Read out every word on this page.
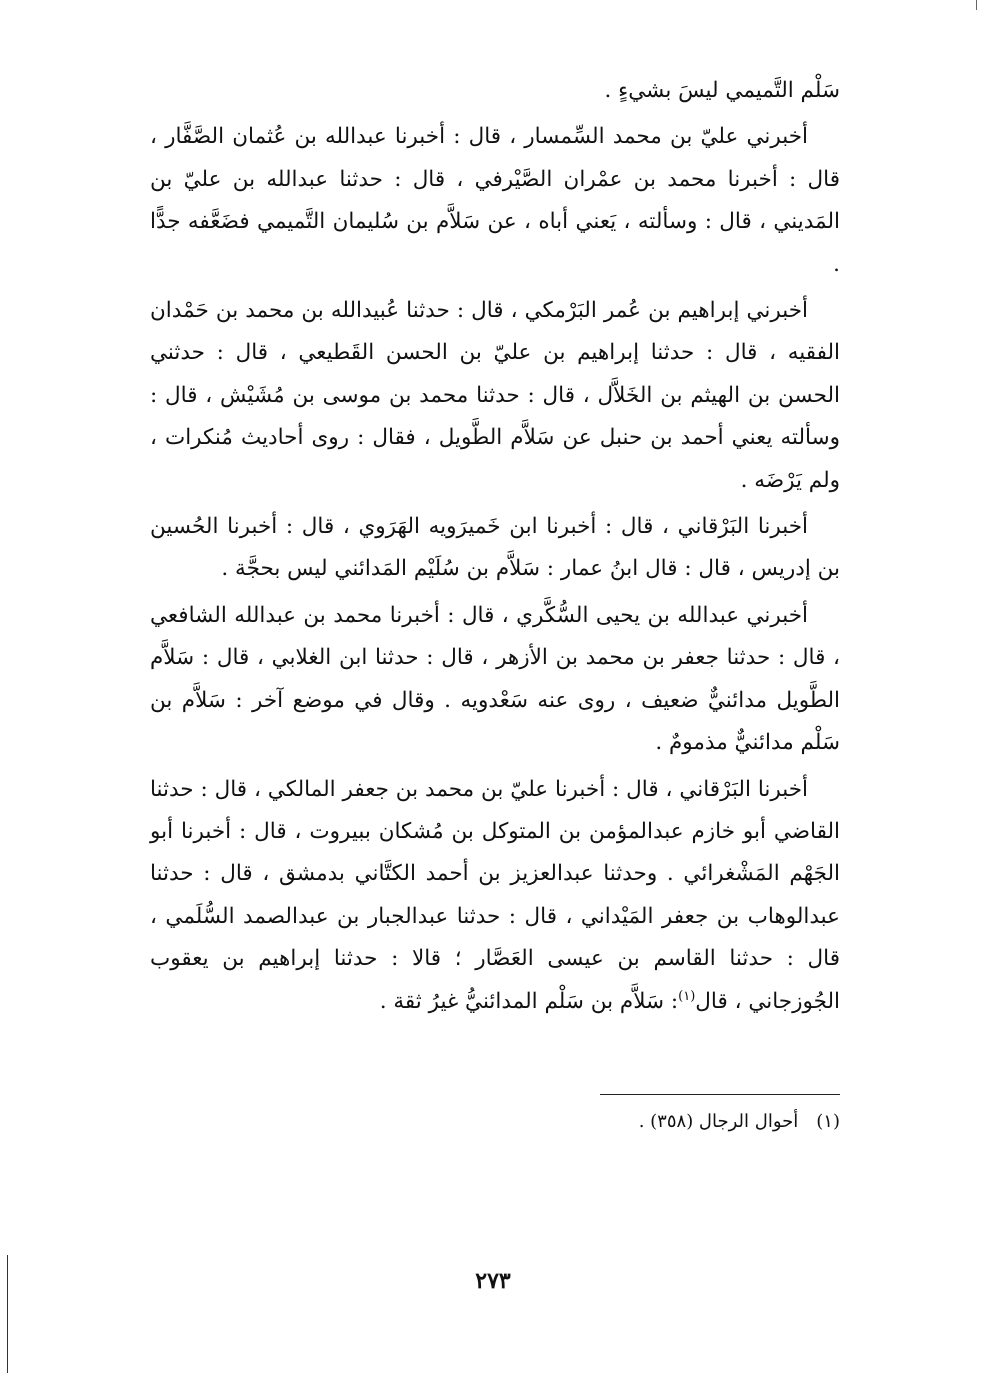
سَلْم التَّميمي ليسَ بشيءٍ .

أخبرني عليّ بن محمد السِّمسار ، قال : أخبرنا عبدالله بن عُثمان الصَّفَّار ، قال : أخبرنا محمد بن عمْران الصَّيْرفي ، قال : حدثنا عبدالله بن عليّ بن المَديني ، قال : وسألته ، يَعني أباه ، عن سَلاَّم بن سُليمان التَّميمي فضَعَّفه جدًّا .

أخبرني إبراهيم بن عُمر البَرْمكي ، قال : حدثنا عُبيدالله بن محمد بن حَمْدان الفقيه ، قال : حدثنا إبراهيم بن عليّ بن الحسن القَطيعي ، قال : حدثني الحسن بن الهيثم بن الخَلاَّل ، قال : حدثنا محمد بن موسى بن مُشَيْش ، قال : وسألته يعني أحمد بن حنبل عن سَلاَّم الطَّويل ، فقال : روى أحاديث مُنكرات ، ولم يَرْضَه .

أخبرنا البَرْقاني ، قال : أخبرنا ابن خَميرَويه الهَرَوي ، قال : أخبرنا الحُسين بن إدريس ، قال : قال ابنُ عمار : سَلاَّم بن سُلَيْم المَدائني ليس بحجَّة .

أخبرني عبدالله بن يحيى السُّكَّري ، قال : أخبرنا محمد بن عبدالله الشافعي ، قال : حدثنا جعفر بن محمد بن الأزهر ، قال : حدثنا ابن الغلابي ، قال : سَلاَّم الطَّويل مدائنيٌّ ضعيف ، روى عنه سَعْدويه . وقال في موضع آخر : سَلاَّم بن سَلْم مدائنيٌّ مذمومٌ .

أخبرنا البَرْقاني ، قال : أخبرنا عليّ بن محمد بن جعفر المالكي ، قال : حدثنا القاضي أبو خازم عبدالمؤمن بن المتوكل بن مُشكان ببيروت ، قال : أخبرنا أبو الجَهْم المَشْغرائي . وحدثنا عبدالعزيز بن أحمد الكتَّاني بدمشق ، قال : حدثنا عبدالوهاب بن جعفر المَيْداني ، قال : حدثنا عبدالجبار بن عبدالصمد السُّلَمي ، قال : حدثنا القاسم بن عيسى العَصَّار ؛ قالا : حدثنا إبراهيم بن يعقوب الجُوزجاني ، قال$^{(١)}$: سَلاَّم بن سَلْم المدائنيُّ غيرُ ثقة .

(١)أحوال الرجال (٣٥٨) .
٢٧٣
